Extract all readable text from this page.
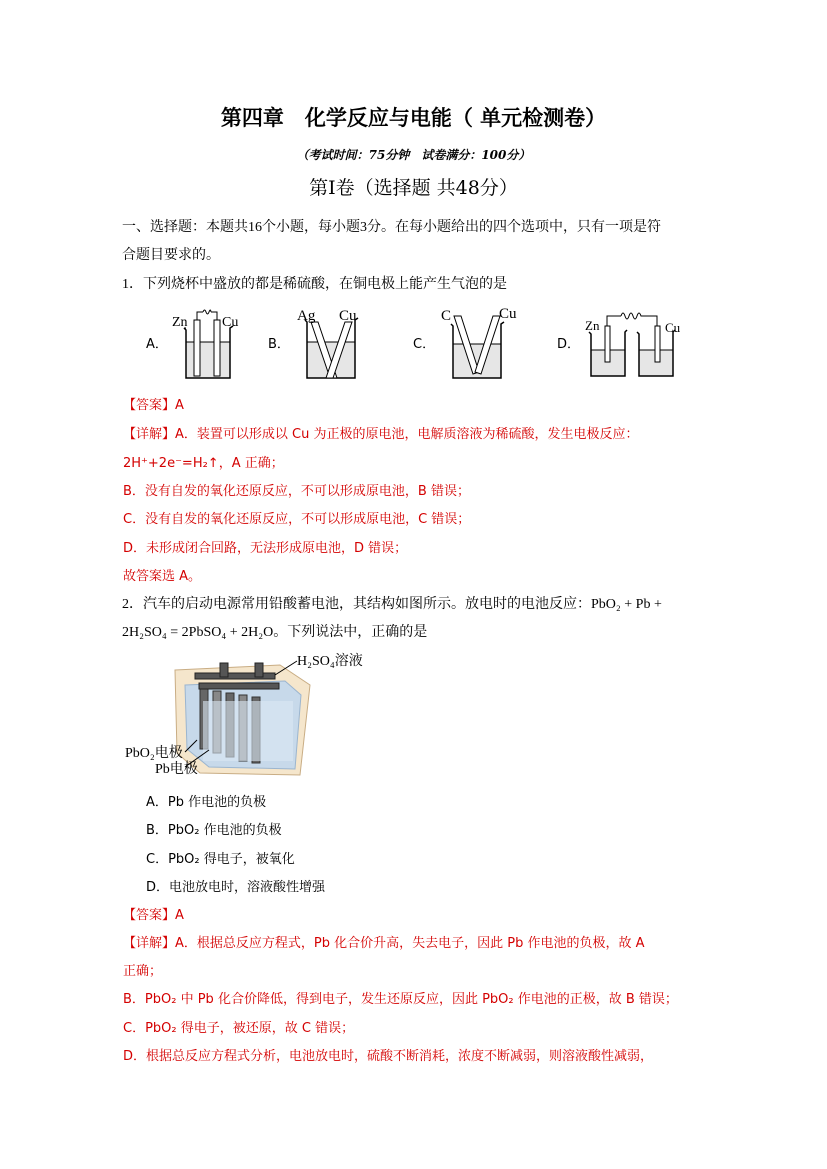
第四章　化学反应与电能（ 单元检测卷）
（考试时间：75分钟　试卷满分：100分）
第Ⅰ卷（选择题 共48分）
一、选择题：本题共16个小题，每小题3分。在每小题给出的四个选项中，只有一项是符
合题目要求的。
1．下列烧杯中盛放的都是稀硫酸，在铜电极上能产生气泡的是
A．	B．	C．	D．
Zn Cu	Ag Cu	C	Cu
Zn	Cu
【答案】A
【详解】A．装置可以形成以 Cu 为正极的原电池，电解质溶液为稀硫酸，发生电极反应：
2H⁺+2e⁻=H₂↑，A 正确；
B．没有自发的氧化还原反应，不可以形成原电池，B 错误；
C．没有自发的氧化还原反应，不可以形成原电池，C 错误；
D．未形成闭合回路，无法形成原电池，D 错误；
故答案选 A。
2．汽车的启动电源常用铅酸蓄电池，其结构如图所示。放电时的电池反应：PbO₂ + Pb +
2H₂SO₄ = 2PbSO₄ + 2H₂O。下列说法中，正确的是
H₂SO₄溶液
PbO₂电极
Pb电极
A．Pb 作电池的负极
B．PbO₂ 作电池的负极
C．PbO₂ 得电子，被氧化
D．电池放电时，溶液酸性增强
【答案】A
【详解】A．根据总反应方程式，Pb 化合价升高，失去电子，因此 Pb 作电池的负极，故 A
正确；
B．PbO₂ 中 Pb 化合价降低，得到电子，发生还原反应，因此 PbO₂ 作电池的正极，故 B 错误；
C．PbO₂ 得电子，被还原，故 C 错误；
D．根据总反应方程式分析，电池放电时，硫酸不断消耗，浓度不断减弱，则溶液酸性减弱，
